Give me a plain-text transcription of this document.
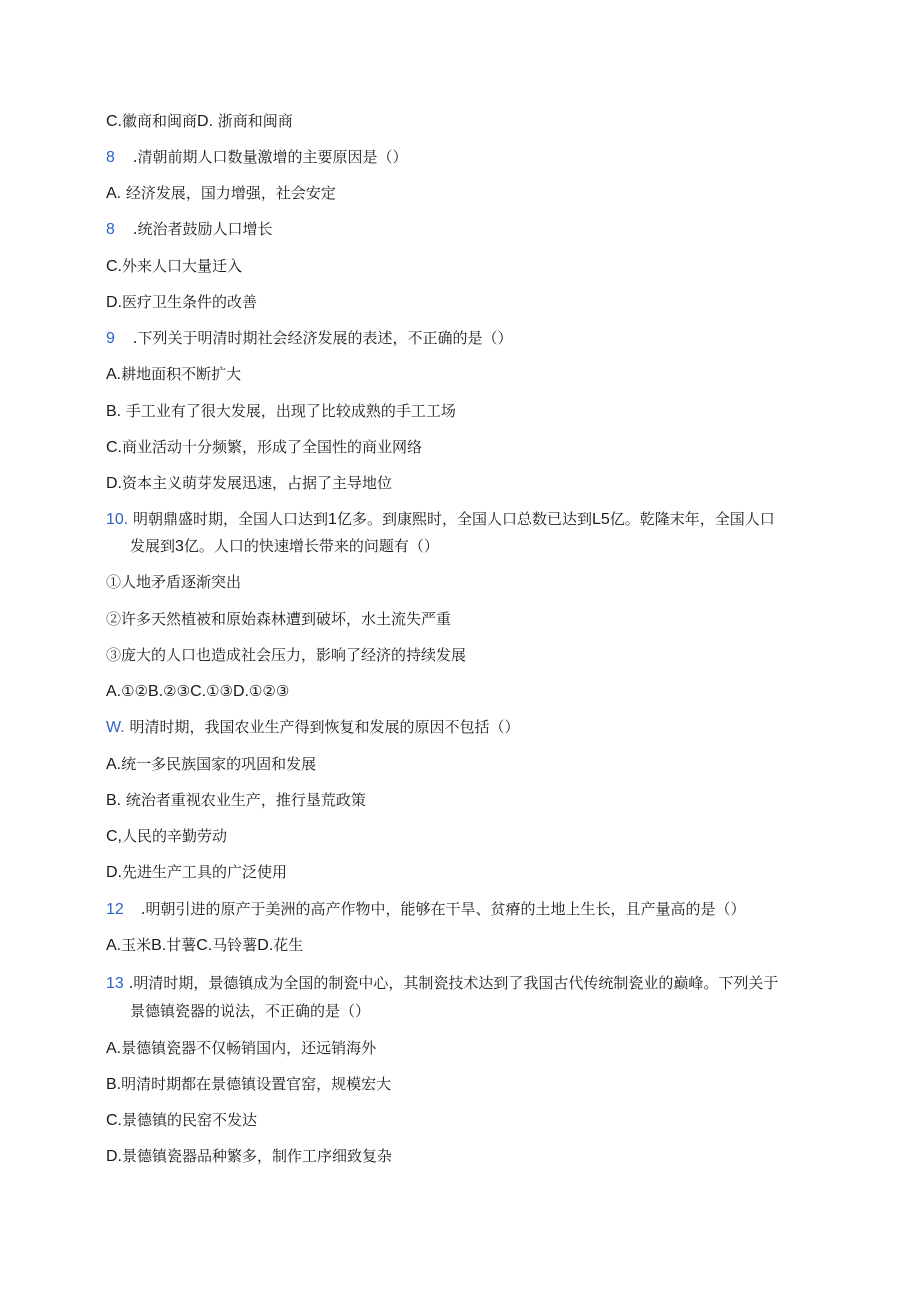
C.徽商和闽商D. 浙商和闽商
8 .清朝前期人口数量激增的主要原因是（）
A. 经济发展，国力增强，社会安定
8 .统治者鼓励人口增长
C.外来人口大量迁入
D.医疗卫生条件的改善
9 .下列关于明清时期社会经济发展的表述，不正确的是（）
A.耕地面积不断扩大
B. 手工业有了很大发展，出现了比较成熟的手工工场
C.商业活动十分频繁，形成了全国性的商业网络
D.资本主义萌芽发展迅速，占据了主导地位
10. 明朝鼎盛时期，全国人口达到1亿多。到康熙时，全国人口总数已达到L5亿。乾隆末年，全国人口
发展到3亿。人口的快速增长带来的问题有（）
①人地矛盾逐渐突出
②许多天然植被和原始森林遭到破坏，水土流失严重
③庞大的人口也造成社会压力，影响了经济的持续发展
A.①②B.②③C.①③D.①②③
W. 明清时期，我国农业生产得到恢复和发展的原因不包括（）
A.统一多民族国家的巩固和发展
B. 统治者重视农业生产，推行垦荒政策
C,人民的辛勤劳动
D.先进生产工具的广泛使用
12 .明朝引进的原产于美洲的高产作物中，能够在干旱、贫瘠的土地上生长，且产量高的是（）
A.玉米B.甘薯C.马铃薯D.花生
13 .明清时期，景德镇成为全国的制瓷中心，其制瓷技术达到了我国古代传统制瓷业的巅峰。下列关于
景德镇瓷器的说法，不正确的是（）
A.景德镇瓷器不仅畅销国内，还远销海外
B.明清时期都在景德镇设置官窑，规模宏大
C.景德镇的民窑不发达
D.景德镇瓷器品种繁多，制作工序细致复杂
